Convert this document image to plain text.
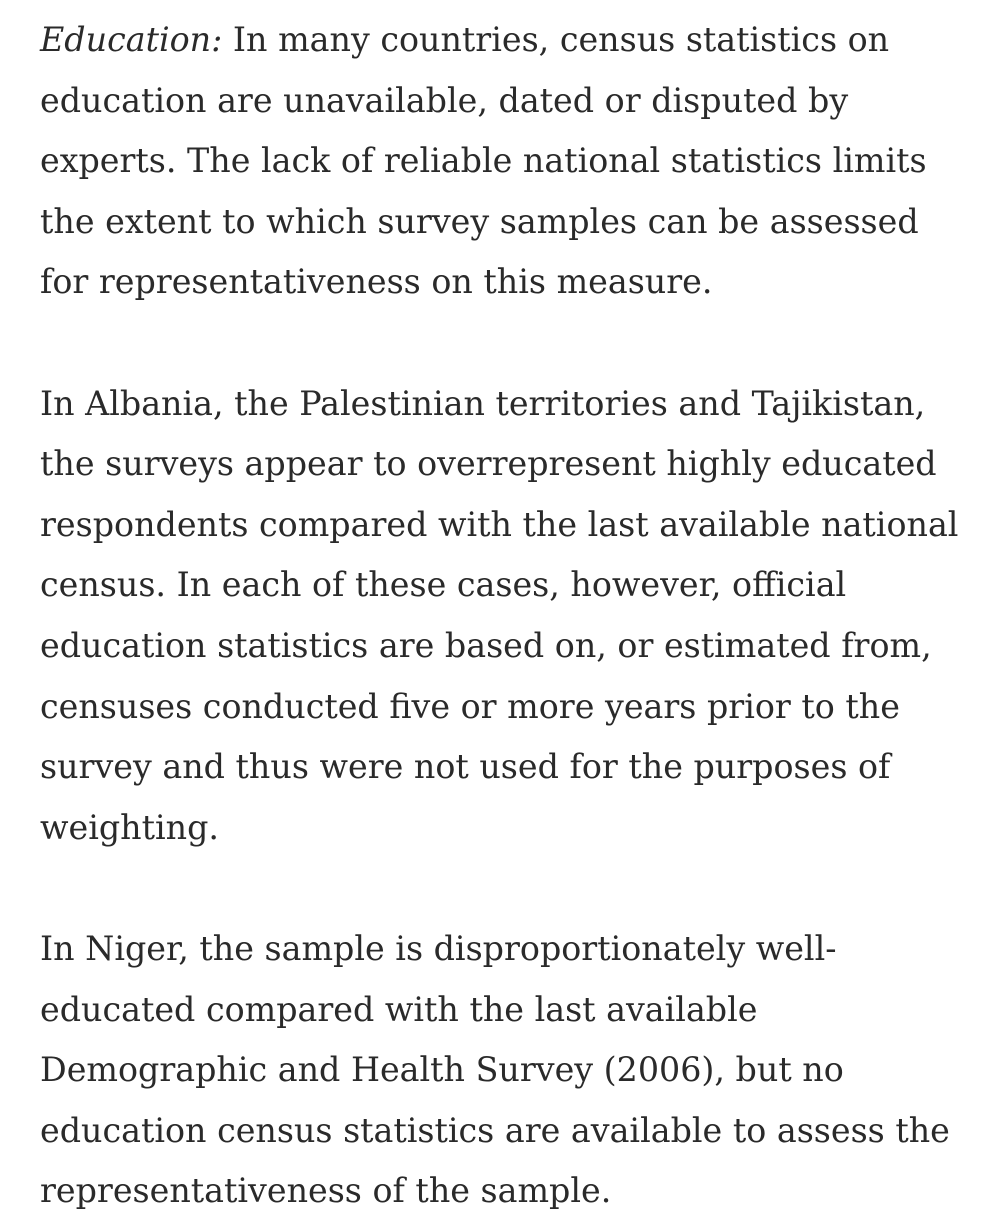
Education: In many countries, census statistics on
education are unavailable, dated or disputed by
experts. The lack of reliable national statistics limits
the extent to which survey samples can be assessed
for representativeness on this measure.

In Albania, the Palestinian territories and Tajikistan,
the surveys appear to overrepresent highly educated
respondents compared with the last available national
census. In each of these cases, however, official
education statistics are based on, or estimated from,
censuses conducted five or more years prior to the
survey and thus were not used for the purposes of
weighting.

In Niger, the sample is disproportionately well-
educated compared with the last available
Demographic and Health Survey (2006), but no
education census statistics are available to assess the
representativeness of the sample.
